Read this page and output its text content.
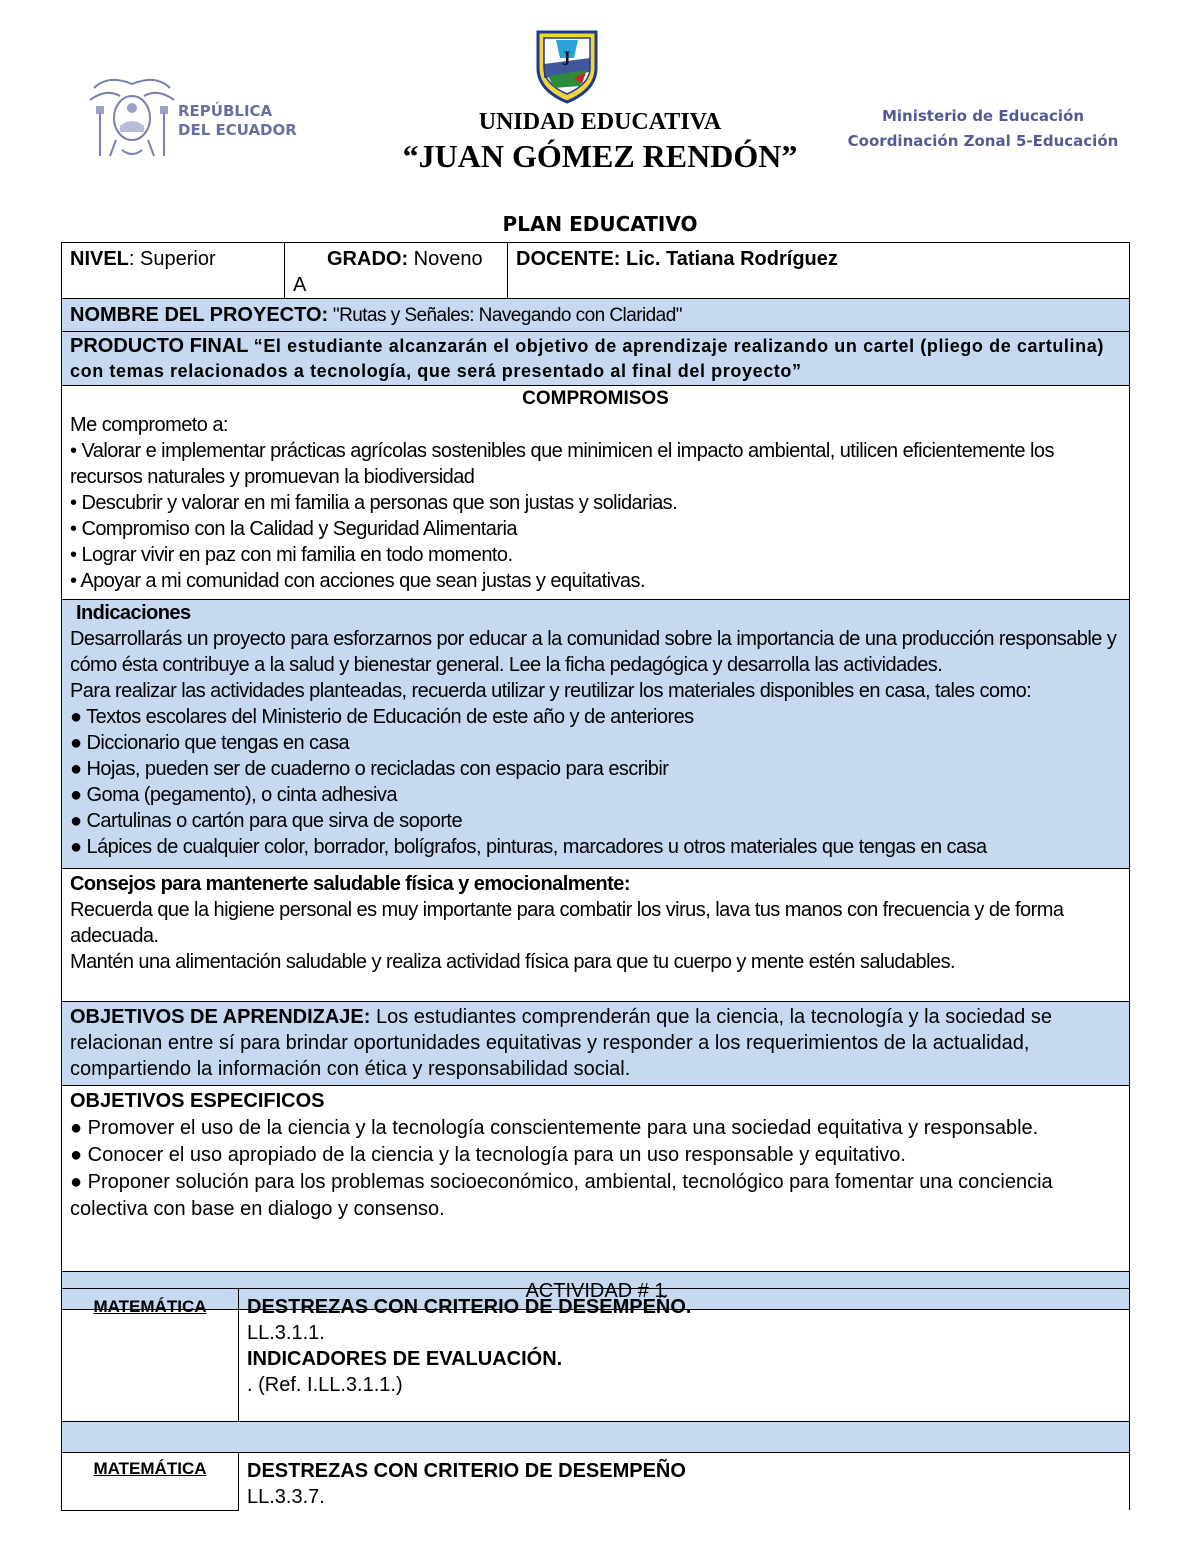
REPÚBLICA
DEL ECUADOR
J
UNIDAD EDUCATIVA
“JUAN GÓMEZ RENDÓN”
Ministerio de Educación
Coordinación Zonal 5-Educación
PLAN EDUCATIVO
NIVEL: Superior	GRADO: Noveno A	DOCENTE: Lic. Tatiana Rodríguez
NOMBRE DEL PROYECTO: "Rutas y Señales: Navegando con Claridad"
PRODUCTO FINAL “El estudiante alcanzarán el objetivo de aprendizaje realizando un cartel (pliego de cartulina) con temas relacionados a tecnología, que será presentado al final del proyecto”

COMPROMISOS
Me comprometo a:
• Valorar e implementar prácticas agrícolas sostenibles que minimicen el impacto ambiental, utilicen eficientemente los recursos naturales y promuevan la biodiversidad
• Descubrir y valorar en mi familia a personas que son justas y solidarias.
• Compromiso con la Calidad y Seguridad Alimentaria
• Lograr vivir en paz con mi familia en todo momento.
• Apoyar a mi comunidad con acciones que sean justas y equitativas.

Indicaciones
Desarrollarás un proyecto para esforzarnos por educar a la comunidad sobre la importancia de una producción responsable y cómo ésta contribuye a la salud y bienestar general. Lee la ficha pedagógica y desarrolla las actividades.
Para realizar las actividades planteadas, recuerda utilizar y reutilizar los materiales disponibles en casa, tales como:
● Textos escolares del Ministerio de Educación de este año y de anteriores
● Diccionario que tengas en casa
● Hojas, pueden ser de cuaderno o recicladas con espacio para escribir
● Goma (pegamento), o cinta adhesiva
● Cartulinas o cartón para que sirva de soporte
● Lápices de cualquier color, borrador, bolígrafos, pinturas, marcadores u otros materiales que tengas en casa

Consejos para mantenerte saludable física y emocionalmente:
Recuerda que la higiene personal es muy importante para combatir los virus, lava tus manos con frecuencia y de forma adecuada.
Mantén una alimentación saludable y realiza actividad física para que tu cuerpo y mente estén saludables.

OBJETIVOS DE APRENDIZAJE: Los estudiantes comprenderán que la ciencia, la tecnología y la sociedad se relacionan entre sí para brindar oportunidades equitativas y responder a los requerimientos de la actualidad, compartiendo la información con ética y responsabilidad social.

OBJETIVOS ESPECIFICOS
● Promover el uso de la ciencia y la tecnología conscientemente para una sociedad equitativa y responsable.
● Conocer el uso apropiado de la ciencia y la tecnología para un uso responsable y equitativo.
● Proponer solución para los problemas socioeconómico, ambiental, tecnológico para fomentar una conciencia colectiva con base en dialogo y consenso.

ACTIVIDAD # 1
MATEMÁTICA	DESTREZAS CON CRITERIO DE DESEMPEÑO.
LL.3.1.1.
INDICADORES DE EVALUACIÓN.
. (Ref. I.LL.3.1.1.)

MATEMÁTICA	DESTREZAS CON CRITERIO DE DESEMPEÑO
LL.3.3.7.
